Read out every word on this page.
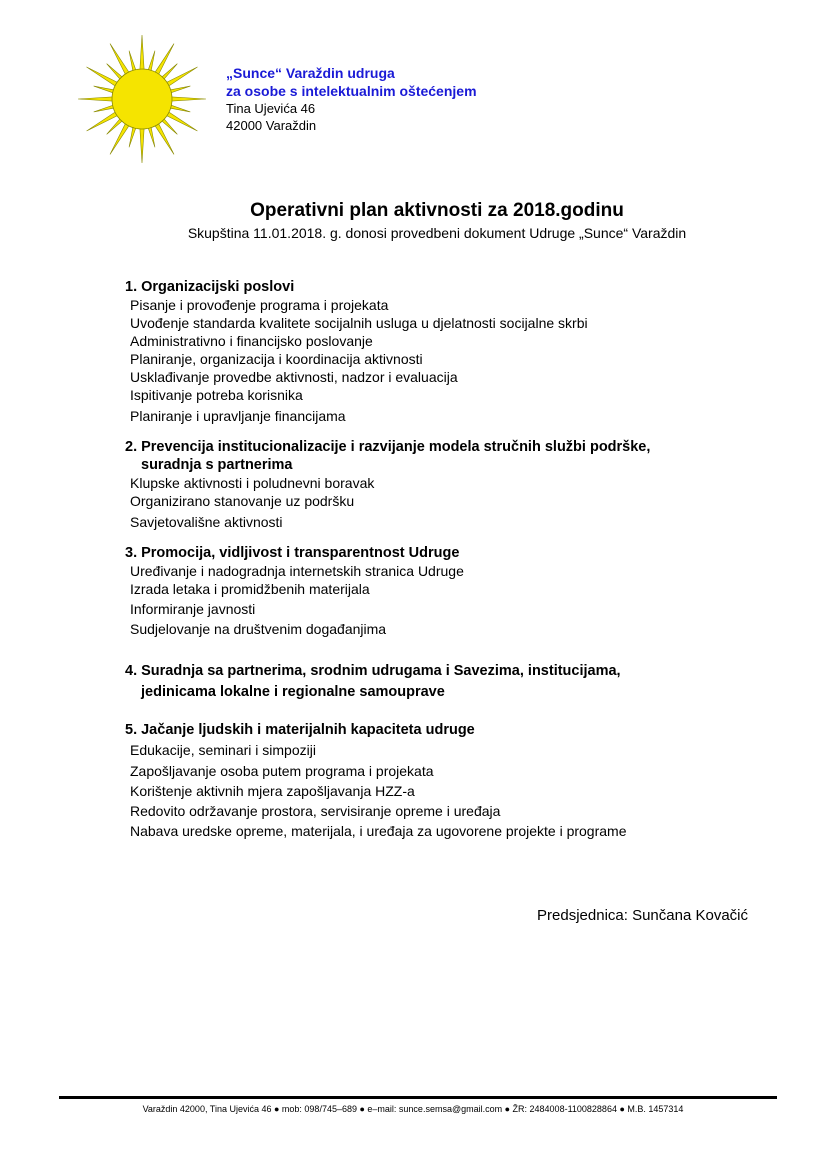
„Sunce“ Varaždin udruga
za osobe s intelektualnim oštećenjem
Tina Ujevića 46
42000 Varaždin
Operativni plan aktivnosti za 2018.godinu
Skupština 11.01.2018. g. donosi provedbeni dokument Udruge „Sunce“ Varaždin
1. Organizacijski poslovi
Pisanje i provođenje programa i projekata
Uvođenje standarda kvalitete socijalnih usluga u djelatnosti socijalne skrbi
Administrativno i financijsko poslovanje
Planiranje, organizacija i koordinacija aktivnosti
Usklađivanje provedbe aktivnosti, nadzor i evaluacija
Ispitivanje potreba korisnika
Planiranje i upravljanje financijama
2. Prevencija institucionalizacije i razvijanje modela stručnih službi podrške,
suradnja s partnerima
Klupske aktivnosti i poludnevni boravak
Organizirano stanovanje uz podršku
Savjetovališne aktivnosti
3. Promocija, vidljivost i transparentnost Udruge
Uređivanje i nadogradnja internetskih stranica Udruge
Izrada letaka i promidžbenih materijala
Informiranje javnosti
Sudjelovanje na društvenim događanjima
4. Suradnja sa partnerima, srodnim udrugama i Savezima, institucijama,
jedinicama lokalne i regionalne samouprave
5. Jačanje ljudskih i materijalnih kapaciteta udruge
Edukacije, seminari i simpoziji
Zapošljavanje osoba putem programa i projekata
Korištenje aktivnih mjera zapošljavanja HZZ-a
Redovito održavanje prostora, servisiranje opreme i uređaja
Nabava uredske opreme, materijala, i uređaja za ugovorene projekte i programe
Predsjednica: Sunčana Kovačić
Varaždin 42000, Tina Ujevića 46 ● mob: 098/745–689 ● e–mail: sunce.semsa@gmail.com ● ŽR: 2484008-1100828864 ● M.B. 1457314
